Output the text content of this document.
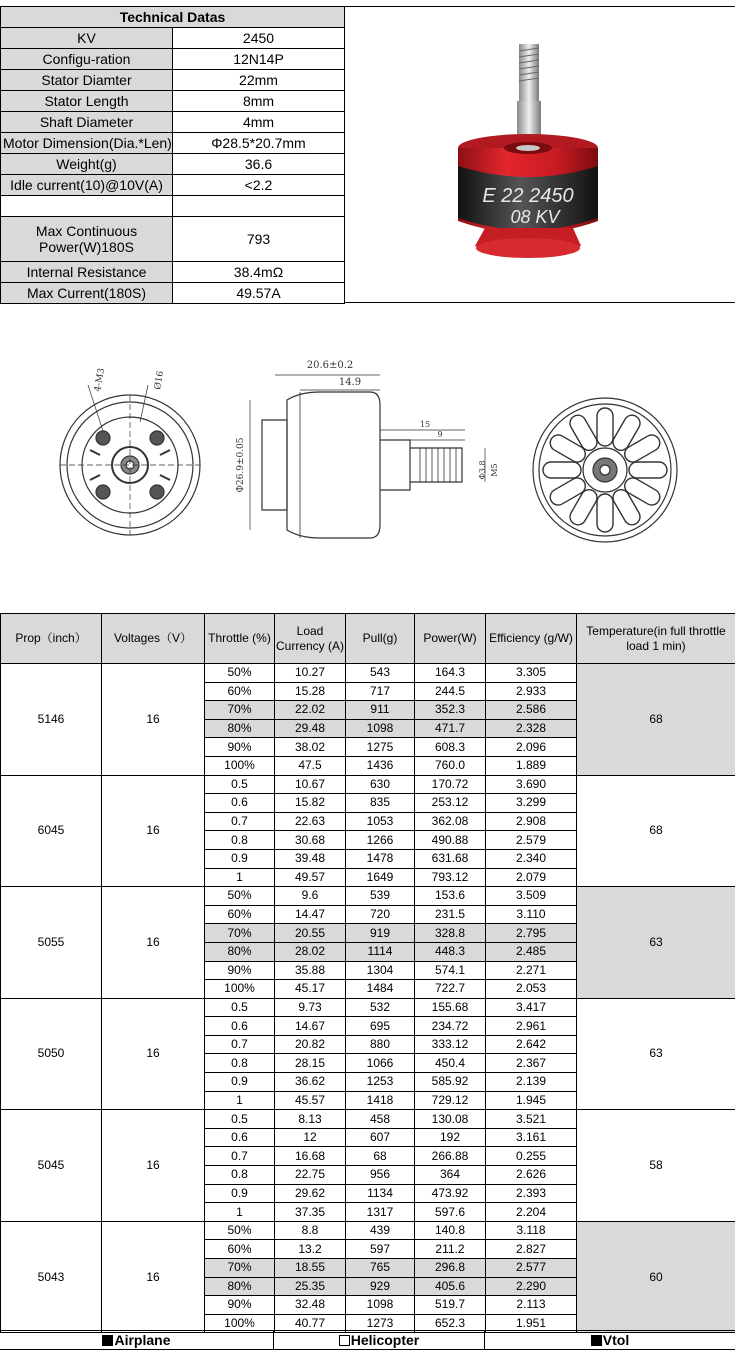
Technical Datas	
KV	2450
Configu-ration	12N14P
Stator Diamter	22mm
Stator Length	8mm
Shaft Diameter	4mm
Motor Dimension(Dia.*Len)	Φ28.5*20.7mm
Weight(g)	36.6
Idle current(10)@10V(A)	<2.2

Max Continuous Power(W)180S	793
Internal Resistance	38.4mΩ
Max Current(180S)	49.57A
E 22 2450
08 KV
4-M3	Ø16
20.6±0.2
14.9
15
9
Φ26.9±0.05	Φ3.8 M5
Prop（inch）	Voltages（V）	Throttle (%)	Load Currency (A)	Pull(g)	Power(W)	Efficiency (g/W)	Temperature(in full throttle load 1 min)
5146	16	50%	10.27	543	164.3	3.305	68
		60%	15.28	717	244.5	2.933	
		70%	22.02	911	352.3	2.586	
		80%	29.48	1098	471.7	2.328	
		90%	38.02	1275	608.3	2.096	
		100%	47.5	1436	760.0	1.889	
6045	16	0.5	10.67	630	170.72	3.690	68
		0.6	15.82	835	253.12	3.299	
		0.7	22.63	1053	362.08	2.908	
		0.8	30.68	1266	490.88	2.579	
		0.9	39.48	1478	631.68	2.340	
		1	49.57	1649	793.12	2.079	
5055	16	50%	9.6	539	153.6	3.509	63
		60%	14.47	720	231.5	3.110	
		70%	20.55	919	328.8	2.795	
		80%	28.02	1114	448.3	2.485	
		90%	35.88	1304	574.1	2.271	
		100%	45.17	1484	722.7	2.053	
5050	16	0.5	9.73	532	155.68	3.417	63
		0.6	14.67	695	234.72	2.961	
		0.7	20.82	880	333.12	2.642	
		0.8	28.15	1066	450.4	2.367	
		0.9	36.62	1253	585.92	2.139	
		1	45.57	1418	729.12	1.945	
5045	16	0.5	8.13	458	130.08	3.521	58
		0.6	12	607	192	3.161	
		0.7	16.68	68	266.88	0.255	
		0.8	22.75	956	364	2.626	
		0.9	29.62	1134	473.92	2.393	
		1	37.35	1317	597.6	2.204	
5043	16	50%	8.8	439	140.8	3.118	60
		60%	13.2	597	211.2	2.827	
		70%	18.55	765	296.8	2.577	
		80%	25.35	929	405.6	2.290	
		90%	32.48	1098	519.7	2.113	
		100%	40.77	1273	652.3	1.951	
Airplane	Helicopter	Vtol
